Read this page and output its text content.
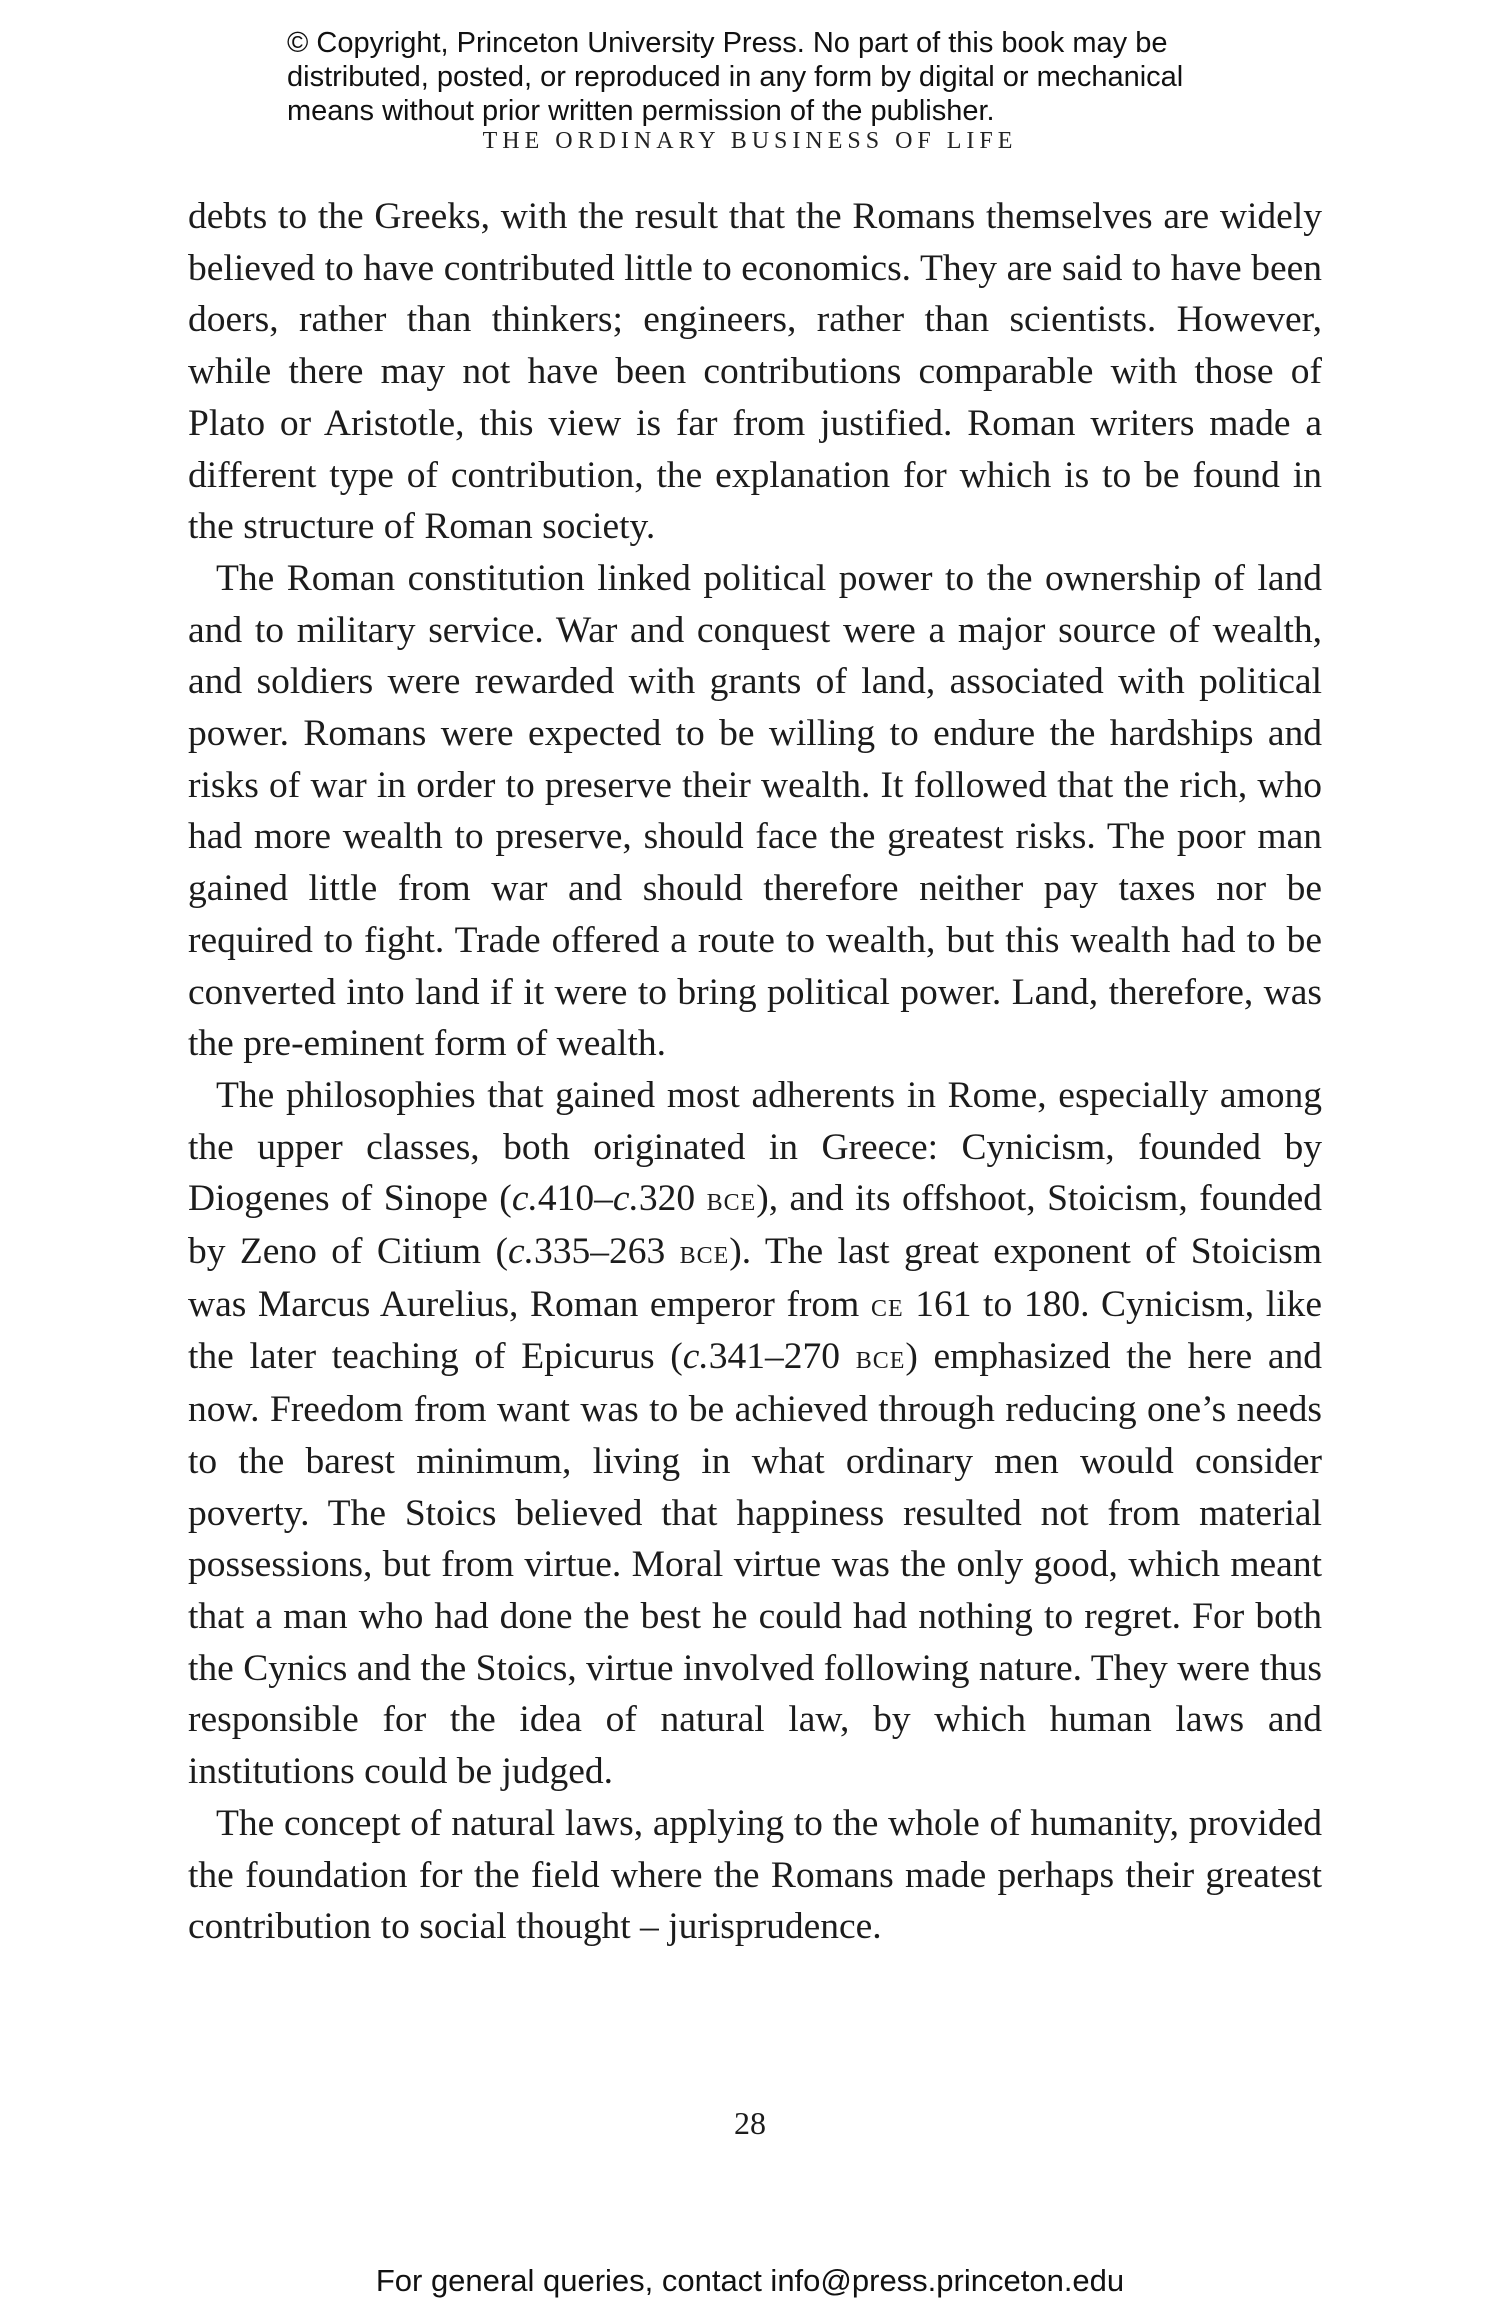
© Copyright, Princeton University Press. No part of this book may be
distributed, posted, or reproduced in any form by digital or mechanical
means without prior written permission of the publisher.
THE ORDINARY BUSINESS OF LIFE

debts to the Greeks, with the result that the Romans themselves are widely believed to have contributed little to economics. They are said to have been doers, rather than thinkers; engineers, rather than scientists. However, while there may not have been contributions comparable with those of Plato or Aristotle, this view is far from justified. Roman writers made a different type of contribution, the explanation for which is to be found in the structure of Roman society.

The Roman constitution linked political power to the ownership of land and to military service. War and conquest were a major source of wealth, and soldiers were rewarded with grants of land, associated with political power. Romans were expected to be willing to endure the hardships and risks of war in order to preserve their wealth. It followed that the rich, who had more wealth to preserve, should face the greatest risks. The poor man gained little from war and should therefore neither pay taxes nor be required to fight. Trade offered a route to wealth, but this wealth had to be converted into land if it were to bring political power. Land, therefore, was the pre-eminent form of wealth.

The philosophies that gained most adherents in Rome, especially among the upper classes, both originated in Greece: Cynicism, founded by Diogenes of Sinope (c.410–c.320 bce), and its offshoot, Stoicism, founded by Zeno of Citium (c.335–263 bce). The last great exponent of Stoicism was Marcus Aurelius, Roman emperor from ce 161 to 180. Cynicism, like the later teaching of Epicurus (c.341–270 bce) emphasized the here and now. Freedom from want was to be achieved through reducing one’s needs to the barest minimum, living in what ordinary men would consider poverty. The Stoics believed that happiness resulted not from material possessions, but from virtue. Moral virtue was the only good, which meant that a man who had done the best he could had nothing to regret. For both the Cynics and the Stoics, virtue involved following nature. They were thus responsible for the idea of natural law, by which human laws and institutions could be judged.

The concept of natural laws, applying to the whole of humanity, provided the foundation for the field where the Romans made perhaps their greatest contribution to social thought – jurisprudence.

28
For general queries, contact info@press.princeton.edu
